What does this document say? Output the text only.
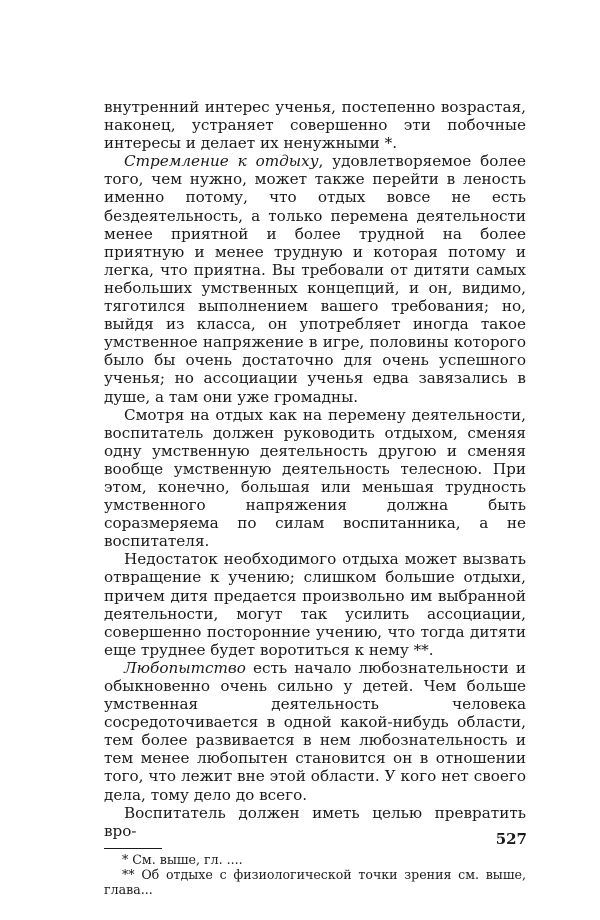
внутренний интерес ученья, постепенно возрастая, наконец, устраняет совершенно эти побочные интересы и делает их ненужными *.

Стремление к отдыху, удовлетворяемое более того, чем нужно, может также перейти в леность именно потому, что отдых вовсе не есть бездеятельность, а только перемена деятельности менее приятной и более трудной на более приятную и менее трудную и которая потому и легка, что приятна. Вы требовали от дитяти самых небольших умственных концепций, и он, видимо, тяготился выполнением вашего требования; но, выйдя из класса, он употребляет иногда такое умственное напряжение в игре, половины которого было бы очень достаточно для очень успешного ученья; но ассоциации ученья едва завязались в душе, а там они уже громадны.

Смотря на отдых как на перемену деятельности, воспитатель должен руководить отдыхом, сменяя одну умственную деятельность другою и сменяя вообще умственную деятельность телесною. При этом, конечно, большая или меньшая трудность умственного напряжения должна быть соразмеряема по силам воспитанника, а не воспитателя.

Недостаток необходимого отдыха может вызвать отвращение к учению; слишком большие отдыхи, причем дитя предается произвольно им выбранной деятельности, могут так усилить ассоциации, совершенно посторонние учению, что тогда дитяти еще труднее будет воротиться к нему **.

Любопытство есть начало любознательности и обыкновенно очень сильно у детей. Чем больше умственная деятельность человека сосредоточивается в одной какой-нибудь области, тем более развивается в нем любознательность и тем менее любопытен становится он в отношении того, что лежит вне этой области. У кого нет своего дела, тому дело до всего.

Воспитатель должен иметь целью превратить вро-

* См. выше, гл. ....

** Об отдыхе с физиологической точки зрения см. выше, глава...

527
